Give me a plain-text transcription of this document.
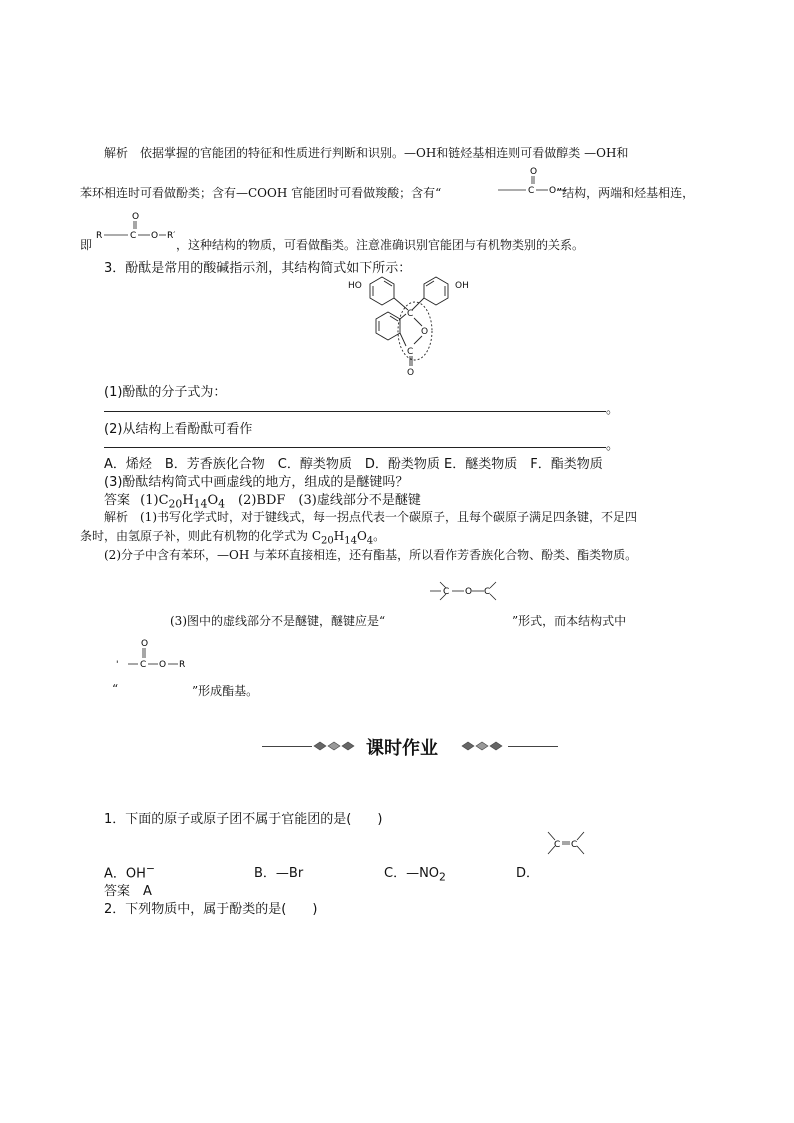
解析　依据掌握的官能团的特征和性质进行判断和识别。—OH和链烃基相连则可看做醇类 —OH和
O
C O
苯环相连时可看做酚类；含有—COOH 官能团时可看做羧酸；含有“	”结构，两端和烃基相连，
O
R	C O R′
即	，这种结构的物质，可看做酯类。注意准确识别官能团与有机物类别的关系。
3．酚酞是常用的酸碱指示剂，其结构简式如下所示：
HO	OH
C
O
C
O
(1)酚酞的分子式为：
。
(2)从结构上看酚酞可看作
。
A．烯烃　B．芳香族化合物　C．醇类物质　D．酚类物质 E．醚类物质　F．酯类物质
(3)酚酞结构简式中画虚线的地方，组成的是醚键吗？
答案 $(1)C_{20}H_{14}O_4$　(2)BDF　(3)虚线部分不是醚键
解析　(1)书写化学式时，对于键线式，每一拐点代表一个碳原子，且每个碳原子满足四条键，不足四
条时，由氢原子补，则此有机物的化学式为 $C_{20}H_{14}O_4$。
(2)分子中含有苯环，—OH 与苯环直接相连，还有酯基，所以看作芳香族化合物、酚类、酯类物质。
C O C
(3)图中的虚线部分不是醚键，醚键应是“	”形式，而本结构式中
O
' C O R
“	”形成酯基。
课时作业
1．下面的原子或原子团不属于官能团的是(　　)
C C
A．OH−	B．—Br	C．$—NO_2$	D．
答案　A
2．下列物质中，属于酚类的是(　　)
